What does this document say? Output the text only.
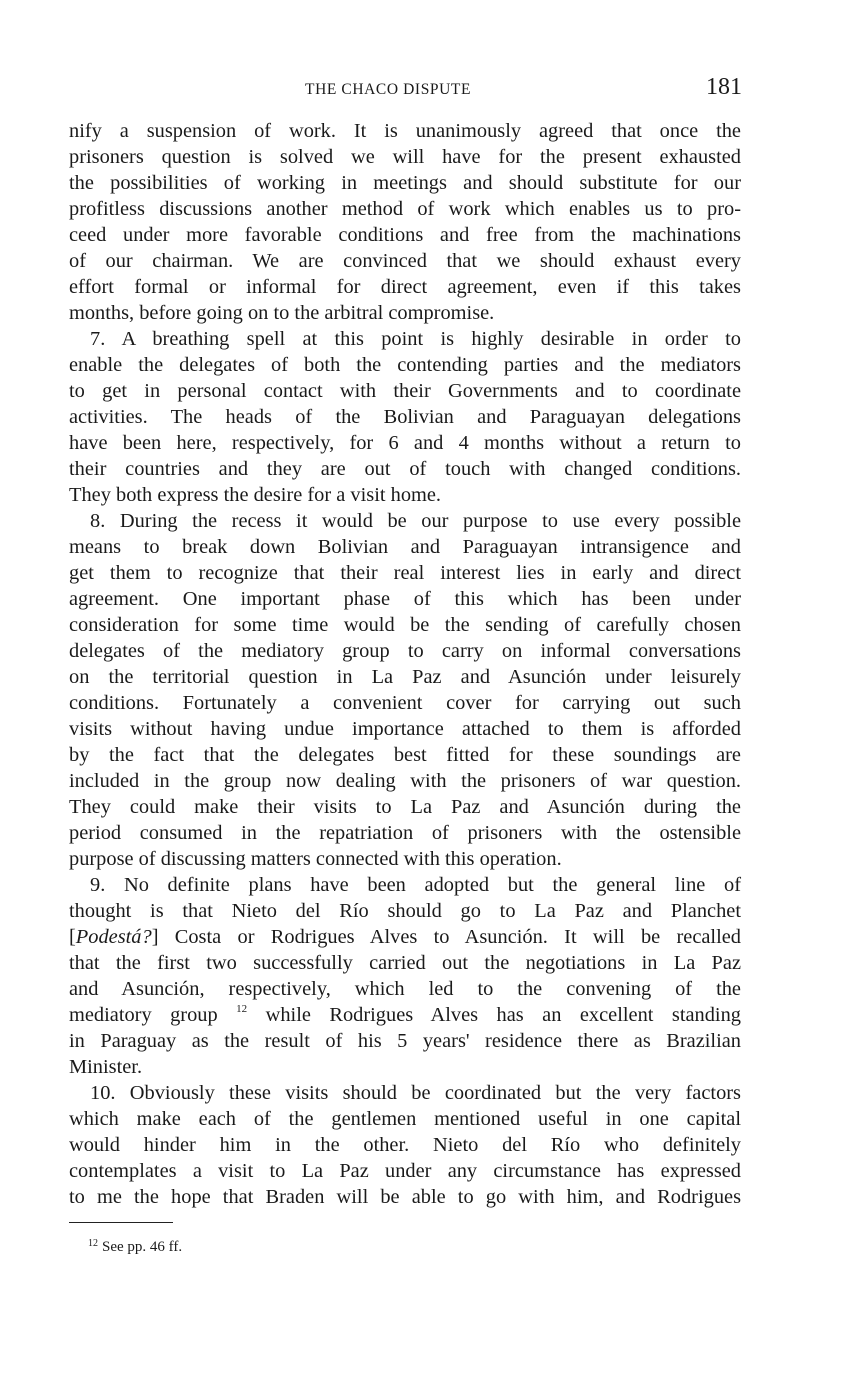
THE CHACO DISPUTE	181

nify a suspension of work. It is unanimously agreed that once the
prisoners question is solved we will have for the present exhausted
the possibilities of working in meetings and should substitute for our
profitless discussions another method of work which enables us to pro-
ceed under more favorable conditions and free from the machinations
of our chairman. We are convinced that we should exhaust every
effort formal or informal for direct agreement, even if this takes
months, before going on to the arbitral compromise.

7. A breathing spell at this point is highly desirable in order to
enable the delegates of both the contending parties and the mediators
to get in personal contact with their Governments and to coordinate
activities. The heads of the Bolivian and Paraguayan delegations
have been here, respectively, for 6 and 4 months without a return to
their countries and they are out of touch with changed conditions.
They both express the desire for a visit home.

8. During the recess it would be our purpose to use every possible
means to break down Bolivian and Paraguayan intransigence and
get them to recognize that their real interest lies in early and direct
agreement. One important phase of this which has been under
consideration for some time would be the sending of carefully chosen
delegates of the mediatory group to carry on informal conversations
on the territorial question in La Paz and Asunción under leisurely
conditions. Fortunately a convenient cover for carrying out such
visits without having undue importance attached to them is afforded
by the fact that the delegates best fitted for these soundings are
included in the group now dealing with the prisoners of war question.
They could make their visits to La Paz and Asunción during the
period consumed in the repatriation of prisoners with the ostensible
purpose of discussing matters connected with this operation.

9. No definite plans have been adopted but the general line of
thought is that Nieto del Río should go to La Paz and Planchet
[Podestá?] Costa or Rodrigues Alves to Asunción. It will be recalled
that the first two successfully carried out the negotiations in La Paz
and Asunción, respectively, which led to the convening of the
mediatory group $^{12}$ while Rodrigues Alves has an excellent standing
in Paraguay as the result of his 5 years' residence there as Brazilian
Minister.

10. Obviously these visits should be coordinated but the very factors
which make each of the gentlemen mentioned useful in one capital
would hinder him in the other. Nieto del Río who definitely
contemplates a visit to La Paz under any circumstance has expressed
to me the hope that Braden will be able to go with him, and Rodrigues

$^{12}$ See pp. 46 ff.
